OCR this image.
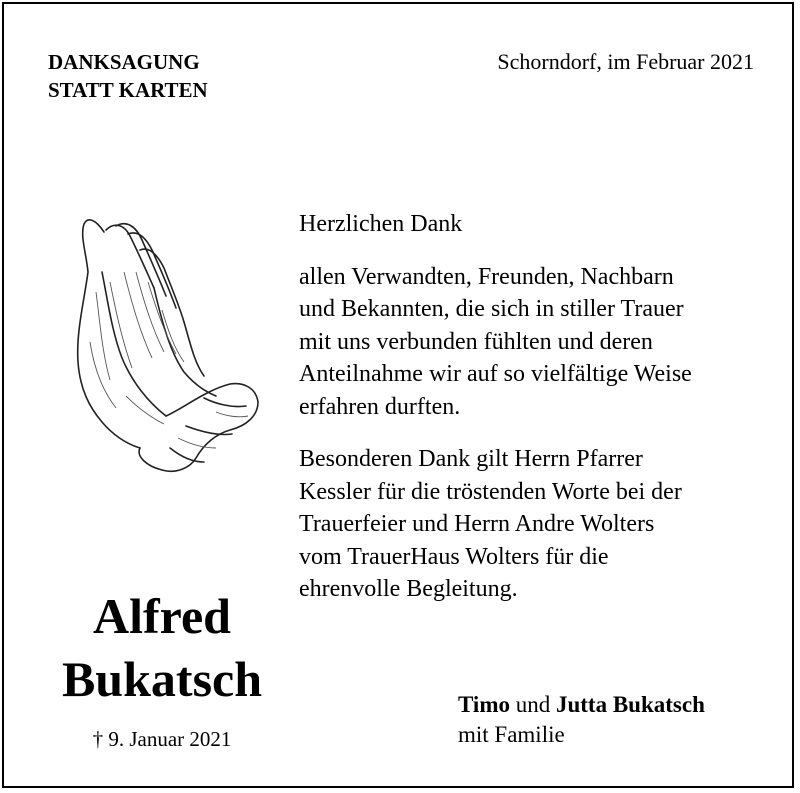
DANKSAGUNG
STATT KARTEN
Schorndorf, im Februar 2021

Herzlichen Dank

allen Verwandten, Freunden, Nachbarn
und Bekannten, die sich in stiller Trauer
mit uns verbunden fühlten und deren
Anteilnahme wir auf so vielfältige Weise
erfahren durften.

Besonderen Dank gilt Herrn Pfarrer
Kessler für die tröstenden Worte bei der
Trauerfeier und Herrn Andre Wolters
vom TrauerHaus Wolters für die
ehrenvolle Begleitung.

Alfred
Bukatsch
† 9. Januar 2021
Timo und Jutta Bukatsch
mit Familie
